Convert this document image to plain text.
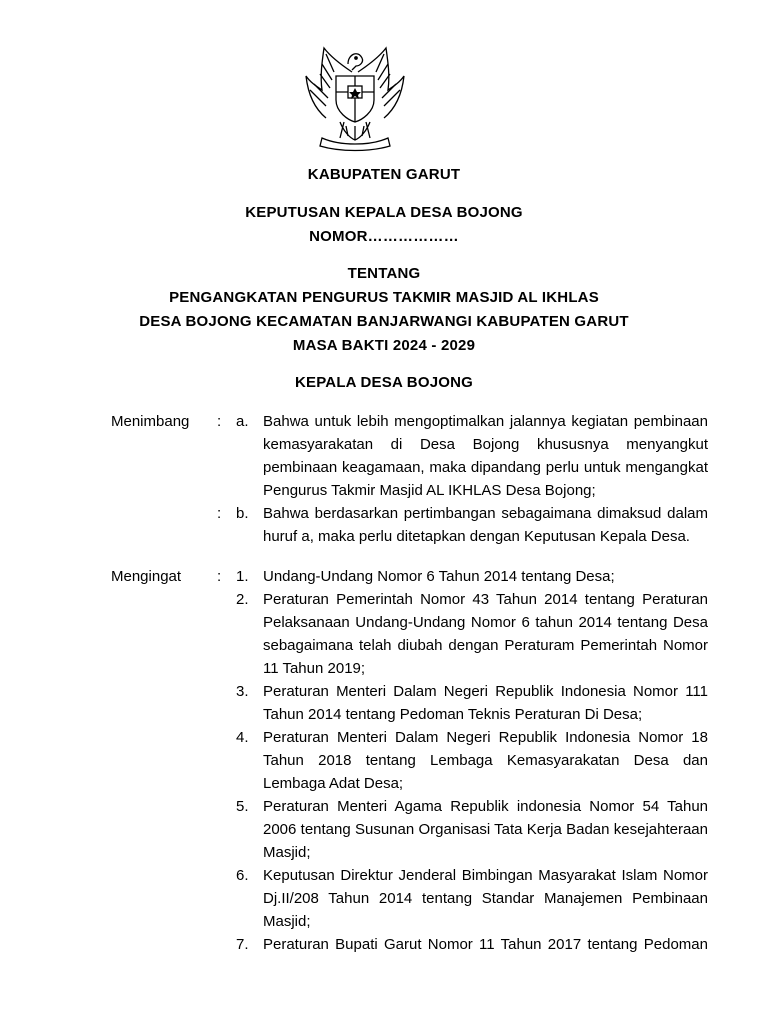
KABUPATEN GARUT
KEPUTUSAN KEPALA DESA BOJONG
NOMOR………………
TENTANG
PENGANGKATAN PENGURUS TAKMIR MASJID AL IKHLAS
DESA BOJONG KECAMATAN BANJARWANGI KABUPATEN GARUT
MASA BAKTI 2024 - 2029
KEPALA DESA BOJONG
Menimbang : a. Bahwa untuk lebih mengoptimalkan jalannya kegiatan pembinaan kemasyarakatan di Desa Bojong khususnya menyangkut pembinaan keagamaan, maka dipandang perlu untuk mengangkat Pengurus Takmir Masjid AL IKHLAS Desa Bojong;
: b. Bahwa berdasarkan pertimbangan sebagaimana dimaksud dalam huruf a, maka perlu ditetapkan dengan Keputusan Kepala Desa.
Mengingat : 1. Undang-Undang Nomor 6 Tahun 2014 tentang Desa;
2. Peraturan Pemerintah Nomor 43 Tahun 2014 tentang Peraturan Pelaksanaan Undang-Undang Nomor 6 tahun 2014 tentang Desa sebagaimana telah diubah dengan Peraturam Pemerintah Nomor 11 Tahun 2019;
3. Peraturan Menteri Dalam Negeri Republik Indonesia Nomor 111 Tahun 2014 tentang Pedoman Teknis Peraturan Di Desa;
4. Peraturan Menteri Dalam Negeri Republik Indonesia Nomor 18 Tahun 2018 tentang Lembaga Kemasyarakatan Desa dan Lembaga Adat Desa;
5. Peraturan Menteri Agama Republik indonesia Nomor 54 Tahun 2006 tentang Susunan Organisasi Tata Kerja Badan kesejahteraan Masjid;
6. Keputusan Direktur Jenderal Bimbingan Masyarakat Islam Nomor Dj.II/208 Tahun 2014 tentang Standar Manajemen Pembinaan Masjid;
7. Peraturan Bupati Garut Nomor 11 Tahun 2017 tentang Pedoman
